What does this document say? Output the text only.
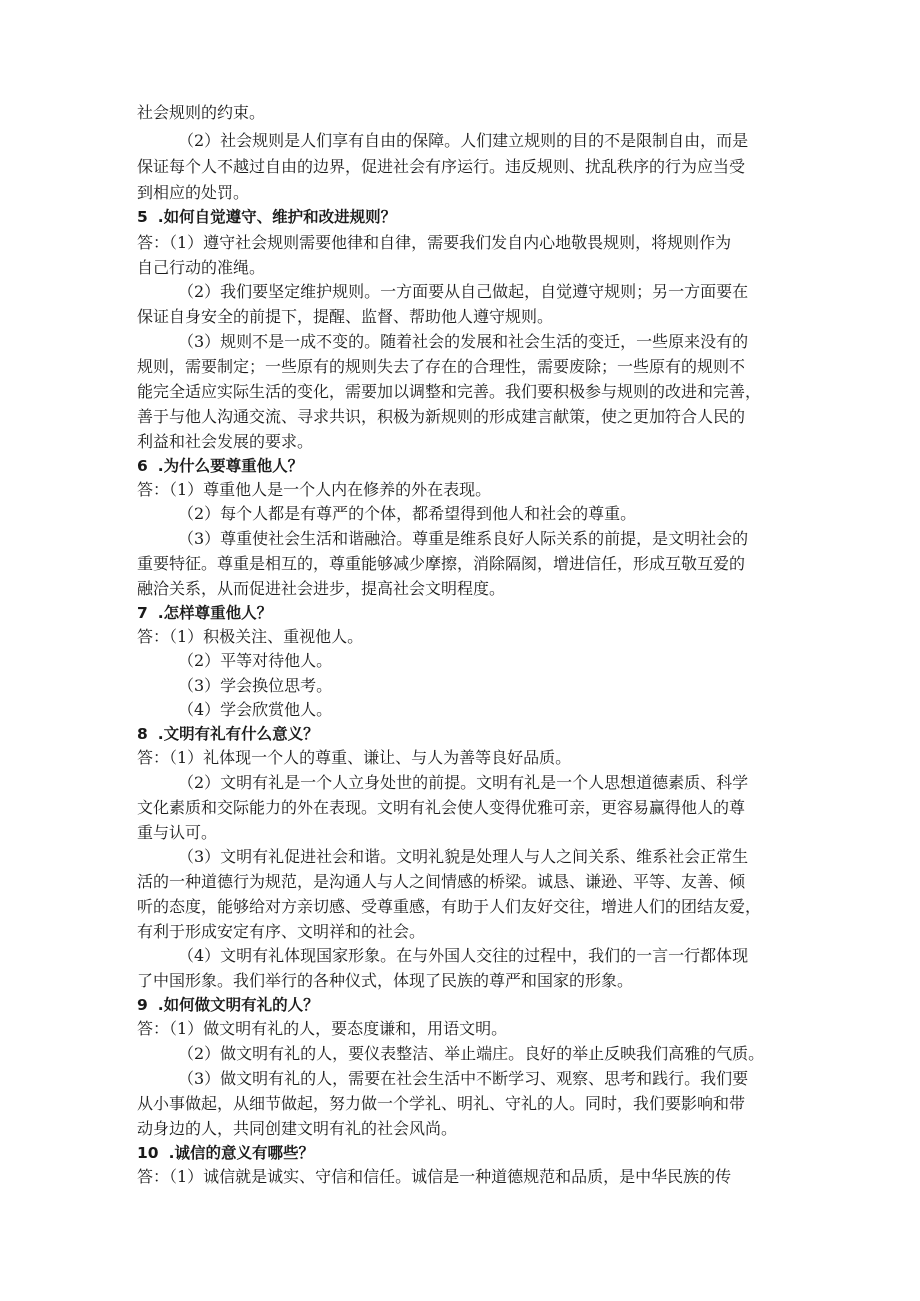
社会规则的约束。

（2）社会规则是人们享有自由的保障。人们建立规则的目的不是限制自由，而是

保证每个人不越过自由的边界，促进社会有序运行。违反规则、扰乱秩序的行为应当受

到相应的处罚。

5 .如何自觉遵守、维护和改进规则？

答：（1）遵守社会规则需要他律和自律，需要我们发自内心地敬畏规则，将规则作为

自己行动的准绳。

（2）我们要坚定维护规则。一方面要从自己做起，自觉遵守规则；另一方面要在

保证自身安全的前提下，提醒、监督、帮助他人遵守规则。

（3）规则不是一成不变的。随着社会的发展和社会生活的变迁，一些原来没有的

规则，需要制定；一些原有的规则失去了存在的合理性，需要废除；一些原有的规则不

能完全适应实际生活的变化，需要加以调整和完善。我们要积极参与规则的改进和完善，

善于与他人沟通交流、寻求共识，积极为新规则的形成建言献策，使之更加符合人民的

利益和社会发展的要求。

6 .为什么要尊重他人？

答：（1）尊重他人是一个人内在修养的外在表现。

（2）每个人都是有尊严的个体，都希望得到他人和社会的尊重。

（3）尊重使社会生活和谐融洽。尊重是维系良好人际关系的前提，是文明社会的

重要特征。尊重是相互的，尊重能够减少摩擦，消除隔阂，增进信任，形成互敬互爱的

融洽关系，从而促进社会进步，提高社会文明程度。

7 .怎样尊重他人？

答：（1）积极关注、重视他人。

（2）平等对待他人。

（3）学会换位思考。

（4）学会欣赏他人。

8 .文明有礼有什么意义？

答：（1）礼体现一个人的尊重、谦让、与人为善等良好品质。

（2）文明有礼是一个人立身处世的前提。文明有礼是一个人思想道德素质、科学

文化素质和交际能力的外在表现。文明有礼会使人变得优雅可亲，更容易赢得他人的尊

重与认可。

（3）文明有礼促进社会和谐。文明礼貌是处理人与人之间关系、维系社会正常生

活的一种道德行为规范，是沟通人与人之间情感的桥梁。诚恳、谦逊、平等、友善、倾

听的态度，能够给对方亲切感、受尊重感，有助于人们友好交往，增进人们的团结友爱，

有利于形成安定有序、文明祥和的社会。

（4）文明有礼体现国家形象。在与外国人交往的过程中，我们的一言一行都体现

了中国形象。我们举行的各种仪式，体现了民族的尊严和国家的形象。

9 .如何做文明有礼的人？

答：（1）做文明有礼的人，要态度谦和，用语文明。

（2）做文明有礼的人，要仪表整洁、举止端庄。良好的举止反映我们高雅的气质。

（3）做文明有礼的人，需要在社会生活中不断学习、观察、思考和践行。我们要

从小事做起，从细节做起，努力做一个学礼、明礼、守礼的人。同时，我们要影响和带

动身边的人，共同创建文明有礼的社会风尚。

10 .诚信的意义有哪些？

答：（1）诚信就是诚实、守信和信任。诚信是一种道德规范和品质，是中华民族的传
